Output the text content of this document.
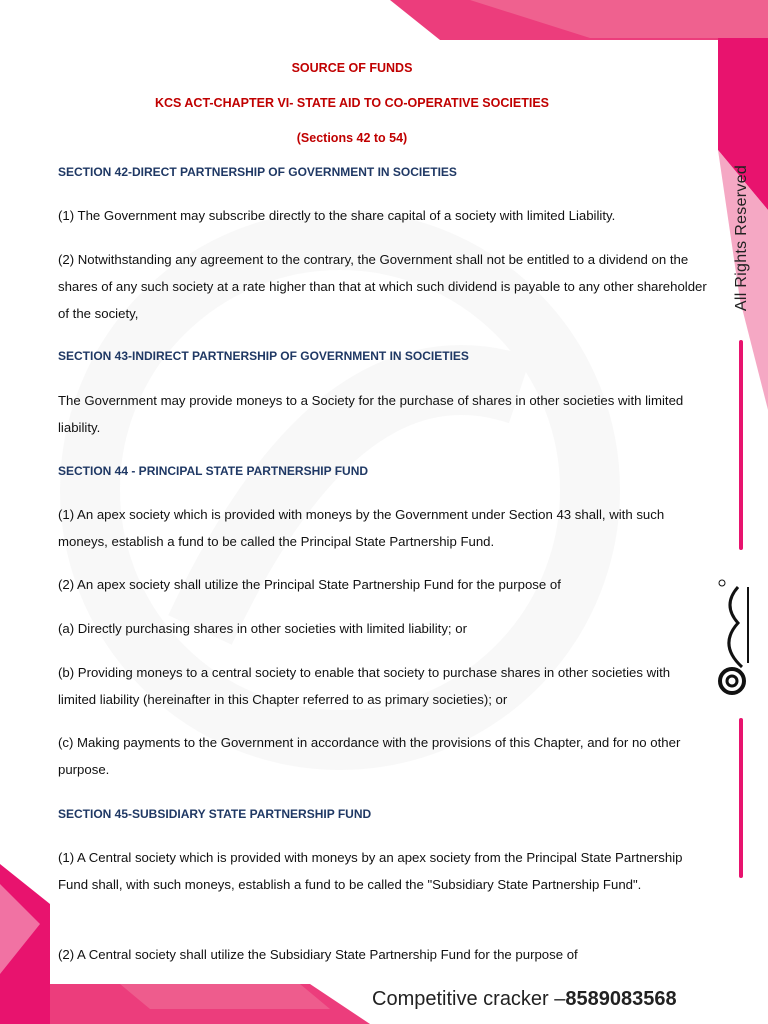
SOURCE OF FUNDS
KCS ACT-CHAPTER VI- STATE AID TO CO-OPERATIVE SOCIETIES
(Sections 42 to 54)
SECTION 42-DIRECT PARTNERSHIP OF GOVERNMENT IN SOCIETIES
(1) The Government may subscribe directly to the share capital of a society with limited Liability.
(2) Notwithstanding any agreement to the contrary, the Government shall not be entitled to a dividend on the shares of any such society at a rate higher than that at which such dividend is payable to any other shareholder of the society,
SECTION 43-INDIRECT PARTNERSHIP OF GOVERNMENT IN SOCIETIES
The Government may provide moneys to a Society for the purchase of shares in other societies with limited liability.
SECTION 44 - PRINCIPAL STATE PARTNERSHIP FUND
(1) An apex society which is provided with moneys by the Government under Section 43 shall, with such moneys, establish a fund to be called the Principal State Partnership Fund.
(2) An apex society shall utilize the Principal State Partnership Fund for the purpose of
(a) Directly purchasing shares in other societies with limited liability; or
(b) Providing moneys to a central society to enable that society to purchase shares in other societies with limited liability (hereinafter in this Chapter referred to as primary societies); or
(c) Making payments to the Government in accordance with the provisions of this Chapter, and for no other purpose.
SECTION 45-SUBSIDIARY STATE PARTNERSHIP FUND
(1) A Central society which is provided with moneys by an apex society from the Principal State Partnership Fund shall, with such moneys, establish a fund to be called the "Subsidiary State Partnership Fund".
(2) A Central society shall utilize the Subsidiary State Partnership Fund for the purpose of
All Rights Reserved
Competitive cracker –8589083568
